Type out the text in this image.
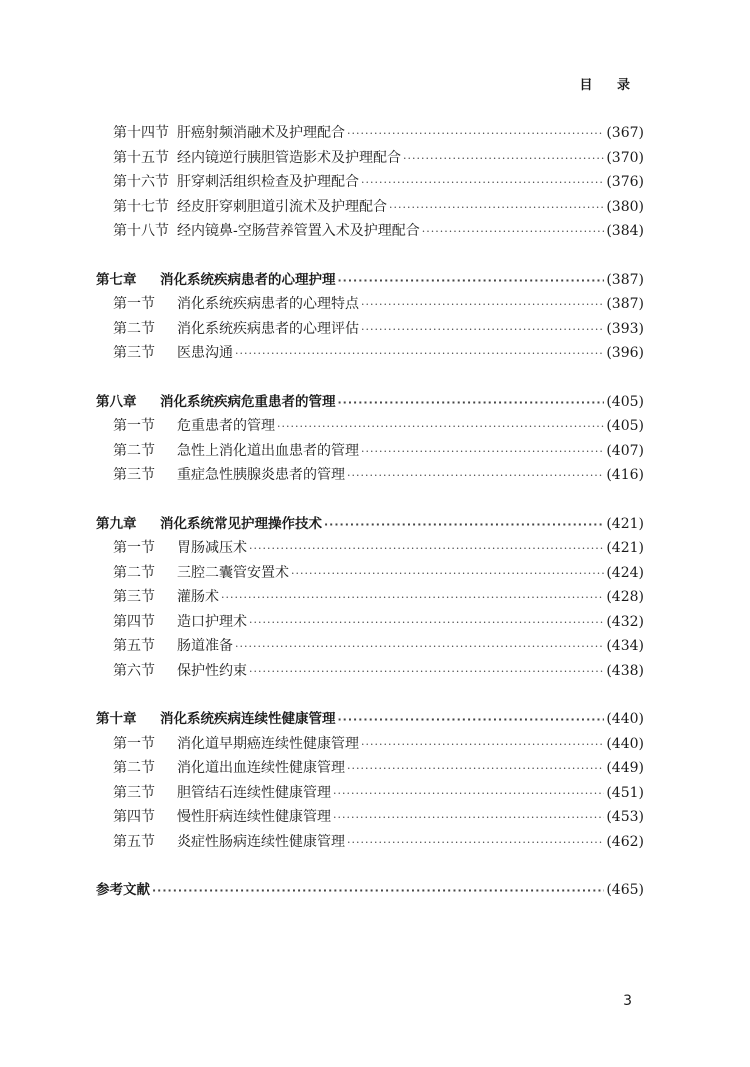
目 录
第十四节 肝癌射频消融术及护理配合 ·····	(367)
第十五节 经内镜逆行胰胆管造影术及护理配合 ·····	(370)
第十六节 肝穿刺活组织检查及护理配合 ·····	(376)
第十七节 经皮肝穿刺胆道引流术及护理配合 ·····	(380)
第十八节 经内镜鼻-空肠营养管置入术及护理配合 ·····	(384)
第七章	消化系统疾病患者的心理护理 ·····	(387)
第一节	消化系统疾病患者的心理特点 ·····	(387)
第二节	消化系统疾病患者的心理评估 ·····	(393)
第三节	医患沟通 ·····	(396)
第八章	消化系统疾病危重患者的管理 ·····	(405)
第一节	危重患者的管理 ·····	(405)
第二节	急性上消化道出血患者的管理 ·····	(407)
第三节	重症急性胰腺炎患者的管理 ·····	(416)
第九章	消化系统常见护理操作技术 ·····	(421)
第一节	胃肠减压术 ·····	(421)
第二节	三腔二囊管安置术 ·····	(424)
第三节	灌肠术 ·····	(428)
第四节	造口护理术 ·····	(432)
第五节	肠道准备 ·····	(434)
第六节	保护性约束 ·····	(438)
第十章	消化系统疾病连续性健康管理 ·····	(440)
第一节	消化道早期癌连续性健康管理 ·····	(440)
第二节	消化道出血连续性健康管理 ·····	(449)
第三节	胆管结石连续性健康管理 ·····	(451)
第四节	慢性肝病连续性健康管理 ·····	(453)
第五节	炎症性肠病连续性健康管理 ·····	(462)
参考文献 ·····	(465)
3
